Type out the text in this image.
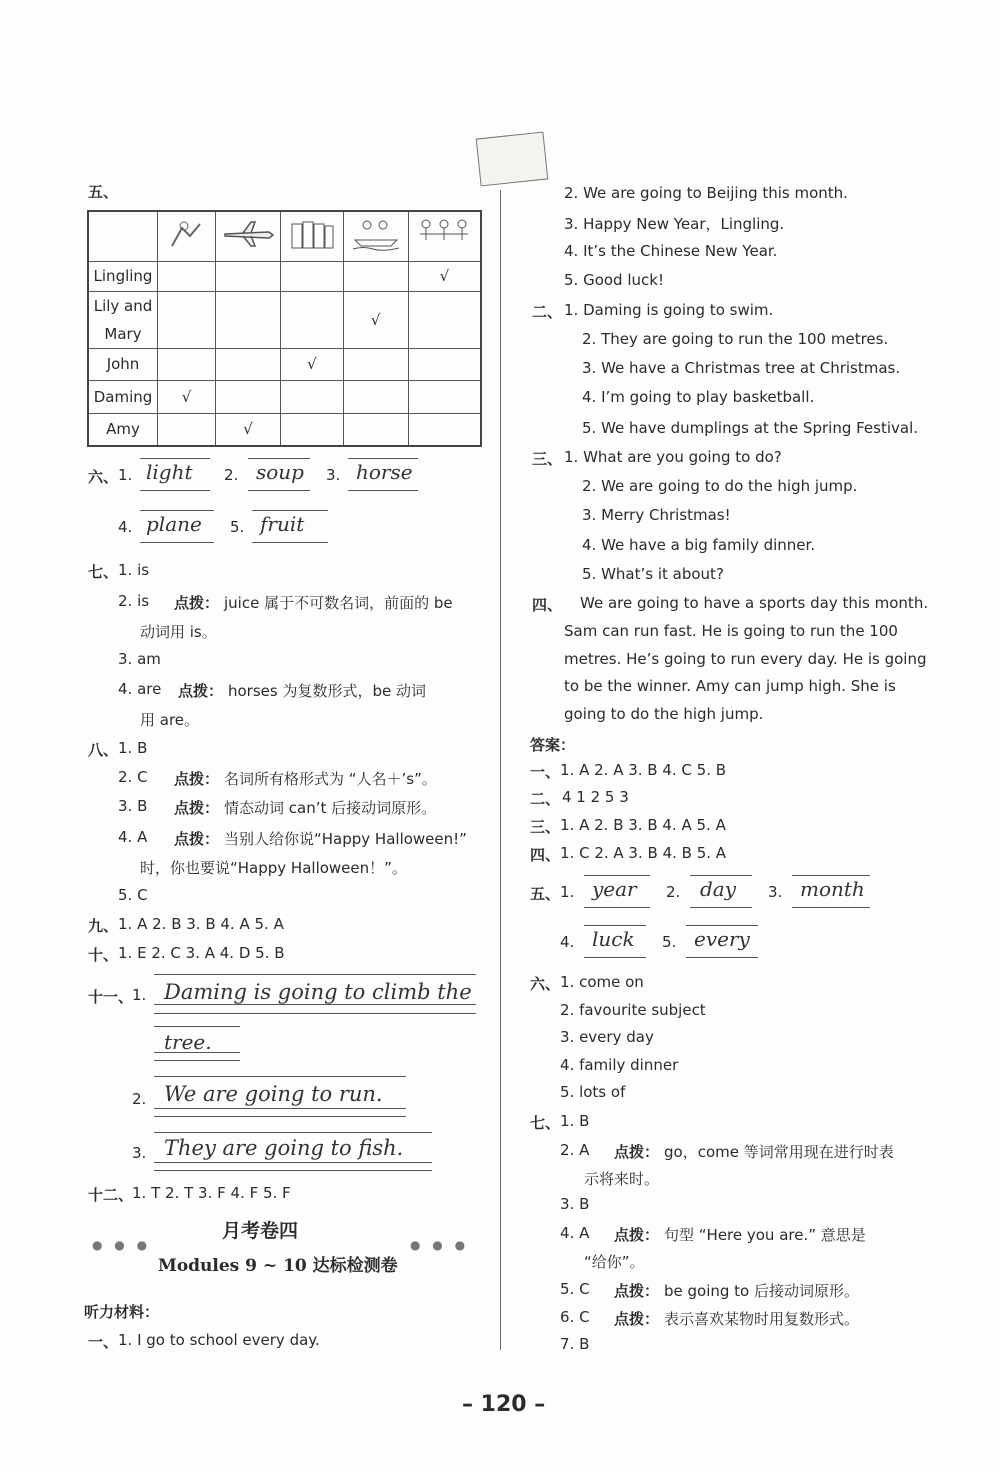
五、

Lingling					√
Lily and Mary				√	
John			√		
Daming	√				
Amy		√			
六、 1. light 2. soup 3. horse
4. plane 5. fruit
七、 1. is
2. is 点拨： juice 属于不可数名词，前面的 be
动词用 is。
3. am
4. are 点拨： horses 为复数形式，be 动词
用 are。
八、 1. B
2. C 点拨： 名词所有格形式为 “人名＋’s”。
3. B 点拨： 情态动词 can’t 后接动词原形。
4. A 点拨： 当别人给你说“Happy Halloween!”
时，你也要说“Happy Halloween！”。
5. C
九、 1. A 2. B 3. B 4. A 5. A
十、 1. E 2. C 3. A 4. D 5. B
十一、
1. Daming is going to climb the
tree.
2. We are going to run.
3. They are going to fish.
十二、
1. T 2. T 3. F 4. F 5. F
月考卷四
● ● ●	● ● ●
Modules 9 ~ 10 达标检测卷
听力材料：
一、 1. I go to school every day.
2. We are going to Beijing this month.
3. Happy New Year，Lingling.
4. It’s the Chinese New Year.
5. Good luck!
二、 1. Daming is going to swim.
2. They are going to run the 100 metres.
3. We have a Christmas tree at Christmas.
4. I’m going to play basketball.
5. We have dumplings at the Spring Festival.
三、 1. What are you going to do?
2. We are going to do the high jump.
3. Merry Christmas!
4. We have a big family dinner.
5. What’s it about?
四、 We are going to have a sports day this month.
Sam can run fast. He is going to run the 100
metres. He’s going to run every day. He is going
to be the winner. Amy can jump high. She is
going to do the high jump.
答案：
一、 1. A 2. A 3. B 4. C 5. B
二、 4 1 2 5 3
三、 1. A 2. B 3. B 4. A 5. A
四、 1. C 2. A 3. B 4. B 5. A
五、 1. year 2. day 3. month
4. luck 5. every
六、 1. come on
2. favourite subject
3. every day
4. family dinner
5. lots of
七、 1. B
2. A 点拨： go，come 等词常用现在进行时表
示将来时。
3. B
4. A 点拨： 句型 “Here you are.” 意思是
“给你”。
5. C 点拨： be going to 后接动词原形。
6. C 点拨： 表示喜欢某物时用复数形式。
7. B
– 120 –
